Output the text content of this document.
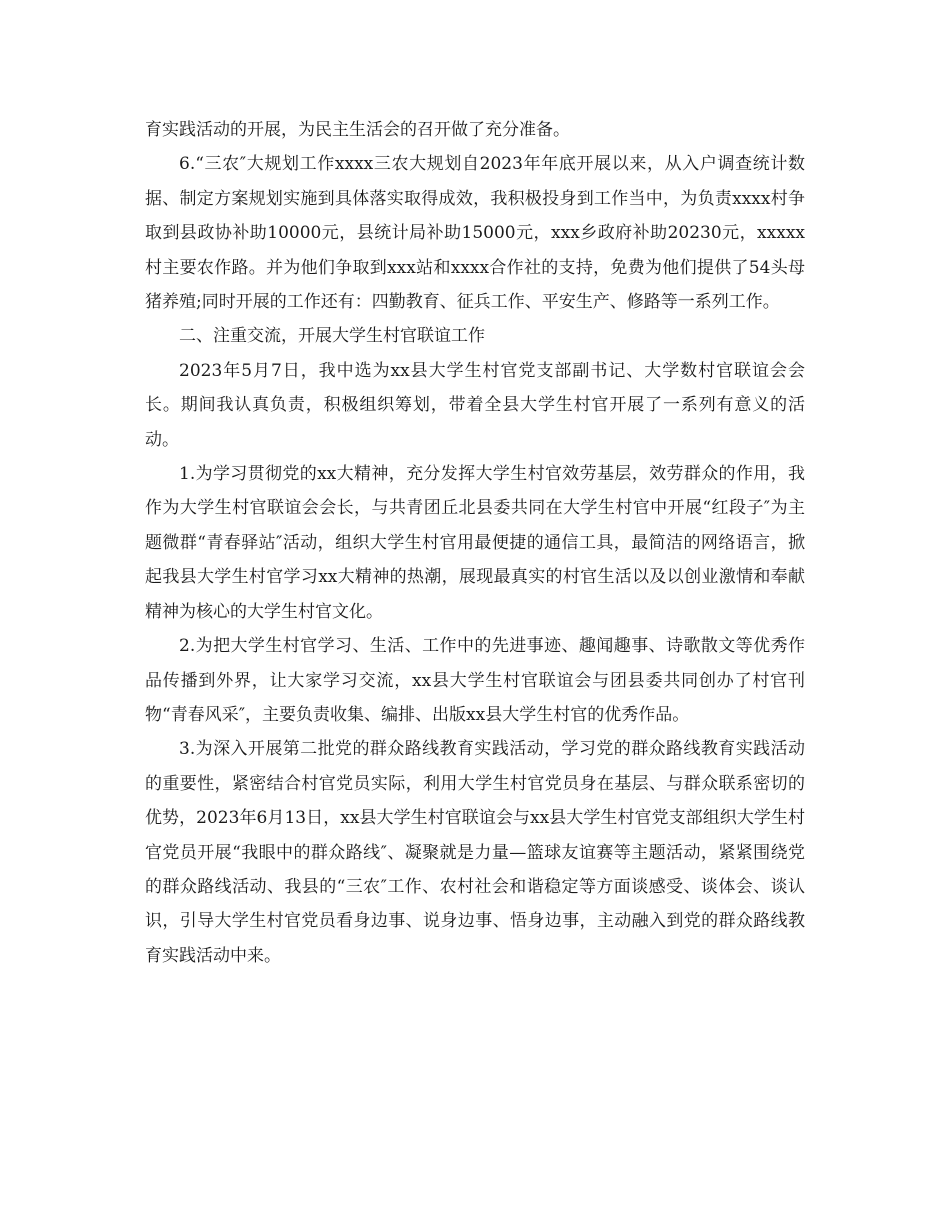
育实践活动的开展，为民主生活会的召开做了充分准备。

6.“三农″大规划工作xxxx三农大规划自2023年年底开展以来，从入户调查统计数据、制定方案规划实施到具体落实取得成效，我积极投身到工作当中，为负责xxxx村争取到县政协补助10000元，县统计局补助15000元，xxx乡政府补助20230元，xxxxx村主要农作路。并为他们争取到xxx站和xxxx合作社的支持，免费为他们提供了54头母猪养殖;同时开展的工作还有：四勤教育、征兵工作、平安生产、修路等一系列工作。

二、注重交流，开展大学生村官联谊工作

2023年5月7日，我中选为xx县大学生村官党支部副书记、大学数村官联谊会会长。期间我认真负责，积极组织筹划，带着全县大学生村官开展了一系列有意义的活动。

1.为学习贯彻党的xx大精神，充分发挥大学生村官效劳基层，效劳群众的作用，我作为大学生村官联谊会会长，与共青团丘北县委共同在大学生村官中开展“红段子″为主题微群“青春驿站″活动，组织大学生村官用最便捷的通信工具，最简洁的网络语言，掀起我县大学生村官学习xx大精神的热潮，展现最真实的村官生活以及以创业激情和奉献精神为核心的大学生村官文化。

2.为把大学生村官学习、生活、工作中的先进事迹、趣闻趣事、诗歌散文等优秀作品传播到外界，让大家学习交流，xx县大学生村官联谊会与团县委共同创办了村官刊物“青春风采″，主要负责收集、编排、出版xx县大学生村官的优秀作品。

3.为深入开展第二批党的群众路线教育实践活动，学习党的群众路线教育实践活动的重要性，紧密结合村官党员实际，利用大学生村官党员身在基层、与群众联系密切的优势，2023年6月13日，xx县大学生村官联谊会与xx县大学生村官党支部组织大学生村官党员开展“我眼中的群众路线″、凝聚就是力量—篮球友谊赛等主题活动，紧紧围绕党的群众路线活动、我县的“三农″工作、农村社会和谐稳定等方面谈感受、谈体会、谈认识，引导大学生村官党员看身边事、说身边事、悟身边事，主动融入到党的群众路线教育实践活动中来。
